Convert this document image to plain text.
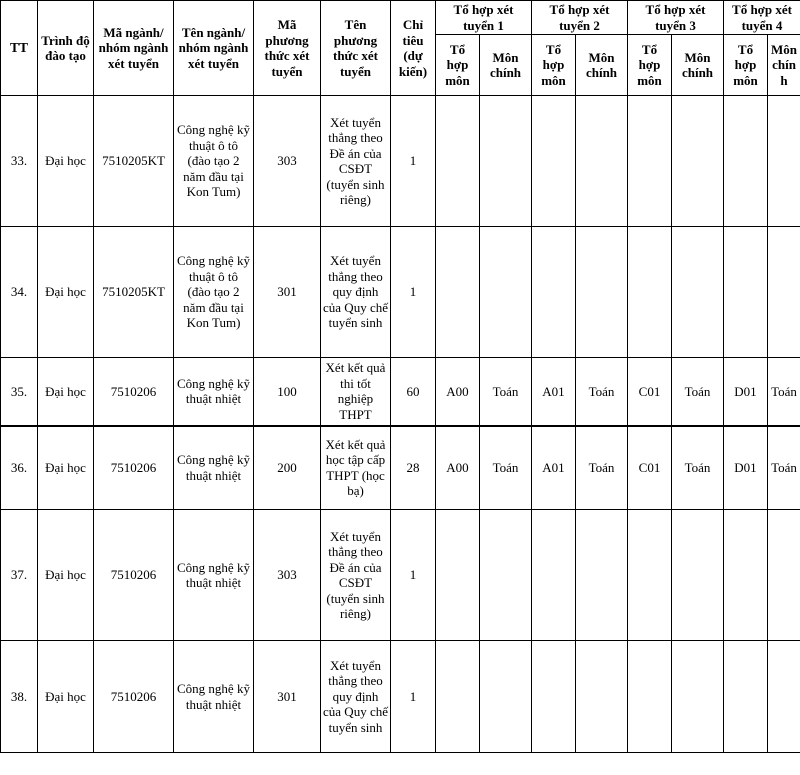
TT	Trình độ đào tạo	Mã ngành/ nhóm ngành xét tuyển	Tên ngành/ nhóm ngành xét tuyển	Mã phương thức xét tuyển	Tên phương thức xét tuyển	Chỉ tiêu (dự kiến)	Tổ hợp xét tuyển 1		Tổ hợp xét tuyển 2		Tổ hợp xét tuyển 3		Tổ hợp xét tuyển 4	
							Tổ hợp môn	Môn chính	Tổ hợp môn	Môn chính	Tổ hợp môn	Môn chính	Tổ hợp môn	Môn chính
33.	Đại học	7510205KT	Công nghệ kỹ thuật ô tô (đào tạo 2 năm đầu tại Kon Tum)	303	Xét tuyển thẳng theo Đề án của CSĐT (tuyển sinh riêng)	1								
34.	Đại học	7510205KT	Công nghệ kỹ thuật ô tô (đào tạo 2 năm đầu tại Kon Tum)	301	Xét tuyển thẳng theo quy định của Quy chế tuyển sinh	1								
35.	Đại học	7510206	Công nghệ kỹ thuật nhiệt	100	Xét kết quả thi tốt nghiệp THPT	60	A00	Toán	A01	Toán	C01	Toán	D01	Toán
36.	Đại học	7510206	Công nghệ kỹ thuật nhiệt	200	Xét kết quả học tập cấp THPT (học bạ)	28	A00	Toán	A01	Toán	C01	Toán	D01	Toán
37.	Đại học	7510206	Công nghệ kỹ thuật nhiệt	303	Xét tuyển thẳng theo Đề án của CSĐT (tuyển sinh riêng)	1								
38.	Đại học	7510206	Công nghệ kỹ thuật nhiệt	301	Xét tuyển thẳng theo quy định của Quy chế tuyển sinh	1								
